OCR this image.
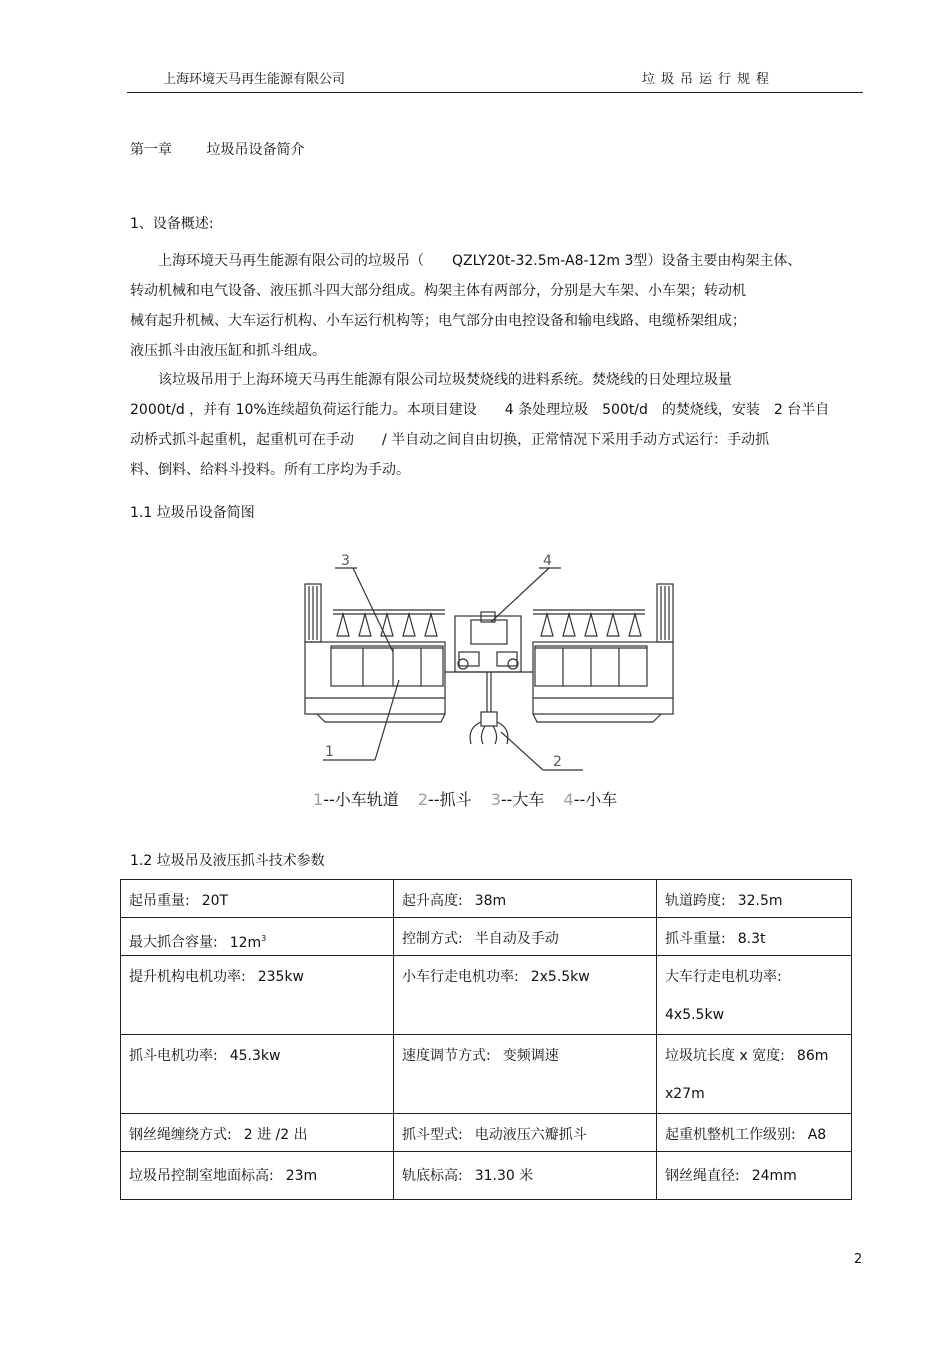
上海环境天马再生能源有限公司	垃圾吊运行规程
第一章 垃圾吊设备简介
1、设备概述:
　　上海环境天马再生能源有限公司的垃圾吊（　　QZLY20t-32.5m-A8-12m 3型）设备主要由构架主体、
转动机械和电气设备、液压抓斗四大部分组成。构架主体有两部分，分别是大车架、小车架；转动机
械有起升机械、大车运行机构、小车运行机构等；电气部分由电控设备和输电线路、电缆桥架组成；
液压抓斗由液压缸和抓斗组成。
　　该垃圾吊用于上海环境天马再生能源有限公司垃圾焚烧线的进料系统。焚烧线的日处理垃圾量
2000t/d ，并有 10%连续超负荷运行能力。本项目建设　　4 条处理垃圾　500t/d　的焚烧线，安装　2 台半自
动桥式抓斗起重机，起重机可在手动　　/ 半自动之间自由切换，正常情况下采用手动方式运行：手动抓
料、倒料、给料斗投料。所有工序均为手动。
1.1 垃圾吊设备简图
3	4
1
2
1--小车轨道 2--抓斗 3--大车 4--小车
1.2 垃圾吊及液压抓斗技术参数
起吊重量: 20T	起升高度: 38m	轨道跨度: 32.5m
最大抓合容量: $12m^3$	控制方式: 半自动及手动	抓斗重量: 8.3t
提升机构电机功率: 235kw	小车行走电机功率: 2x5.5kw	大车行走电机功率:
4x5.5kw
抓斗电机功率: 45.3kw	速度调节方式: 变频调速	垃圾坑长度 x 宽度: 86m x27m
钢丝绳缠绕方式: 2 进 /2 出	抓斗型式: 电动液压六瓣抓斗	起重机整机工作级别: A8
垃圾吊控制室地面标高: 23m	轨底标高: 31.30 米	钢丝绳直径: 24mm
2
